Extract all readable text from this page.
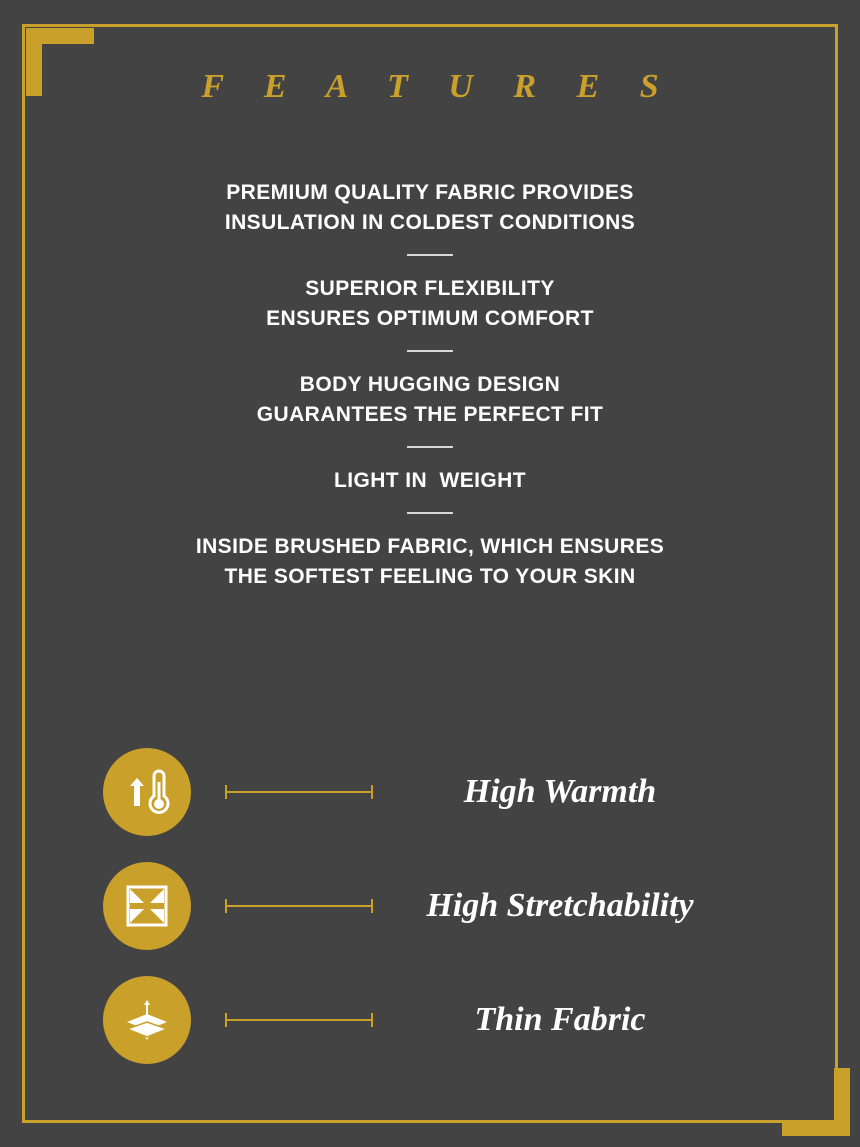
F E A T U R E S
PREMIUM QUALITY FABRIC PROVIDES
INSULATION IN COLDEST CONDITIONS
SUPERIOR FLEXIBILITY
ENSURES OPTIMUM COMFORT
BODY HUGGING DESIGN
GUARANTEES THE PERFECT FIT
LIGHT IN  WEIGHT
INSIDE BRUSHED FABRIC, WHICH ENSURES
THE SOFTEST FEELING TO YOUR SKIN
High Warmth
High Stretchability
Thin Fabric
